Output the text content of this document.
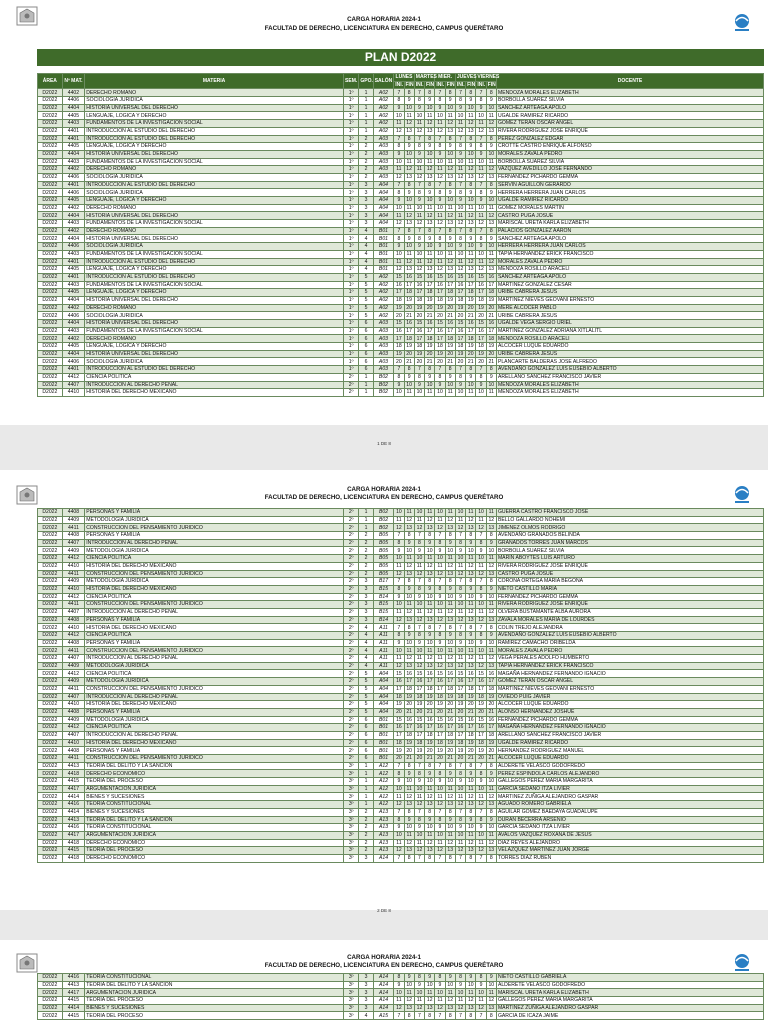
CARGA HORARIA 2024-1
FACULTAD DE DERECHO, LICENCIATURA EN DERECHO, CAMPUS QUERÉTARO
PLAN D2022
ÁREA	Nº MAT.	MATERIA	SEM.	GPO.	SALÓN	LUNES		MARTES		MIER.		JUEVES		VIERNES		DOCENTE
						INI.	FIN	INI.	FIN	INI.	FIN	INI.	FIN	INI.	FIN	
D2022	4402	DERECHO ROMANO	1º	1	A02	7	8	7	8	7	8	7	8	7	8	MENDOZA MORALES ELIZABETH
D2022	4406	SOCIOLOGIA JURIDICA	1º	1	A02	8	9	8	9	8	9	8	9	8	9	BORBOLLA SUAREZ SILVIA
D2022	4404	HISTORIA UNIVERSAL DEL DERECHO	1º	1	A02	9	10	9	10	9	10	9	10	9	10	SANCHEZ ARTEAGA APOLO
D2022	4405	LENGUAJE, LOGICA Y DERECHO	1º	1	A02	10	11	10	11	10	11	10	11	10	11	UGALDE RAMIREZ RICARDO
D2022	4403	FUNDAMENTOS DE LA INVESTIGACION SOCIAL	1º	1	A02	11	12	11	12	11	12	11	12	11	12	GOMEZ TERAN OSCAR ANGEL
D2022	4401	INTRODUCCION AL ESTUDIO DEL DERECHO	1º	1	A02	12	13	12	13	12	13	12	13	12	13	RIVERA RODRIGUEZ JOSE ENRIQUE
D2022	4401	INTRODUCCION AL ESTUDIO DEL DERECHO	1º	2	A03	7	8	7	8	7	8	7	8	7	8	PEREZ GONZALEZ EDGAR
D2022	4405	LENGUAJE, LOGICA Y DERECHO	1º	2	A03	8	9	8	9	8	9	8	9	8	9	CROTTE CASTRO ENRIQUE ALFONSO
D2022	4404	HISTORIA UNIVERSAL DEL DERECHO	1º	2	A03	9	10	9	10	9	10	9	10	9	10	MORALES ZAVALA PEDRO
D2022	4403	FUNDAMENTOS DE LA INVESTIGACION SOCIAL	1º	2	A03	10	11	10	11	10	11	10	11	10	11	BORBOLLA SUAREZ SILVIA
D2022	4402	DERECHO ROMANO	1º	2	A03	11	12	11	12	11	12	11	12	11	12	VAZQUEZ AVEDILLO JOSE FERNANDO
D2022	4406	SOCIOLOGIA JURIDICA	1º	2	A03	12	13	12	13	12	13	12	13	12	13	FERNANDEZ PICHARDO GEMMA
D2022	4401	INTRODUCCION AL ESTUDIO DEL DERECHO	1º	3	A04	7	8	7	8	7	8	7	8	7	8	SERVIN AGUILLON GERARDO
D2022	4406	SOCIOLOGIA JURIDICA	1º	3	A04	8	9	8	9	8	9	8	9	8	9	HERRERA HERRERA JUAN CARLOS
D2022	4405	LENGUAJE, LOGICA Y DERECHO	1º	3	A04	9	10	9	10	9	10	9	10	9	10	UGALDE RAMIREZ RICARDO
D2022	4402	DERECHO ROMANO	1º	3	A04	10	11	10	11	10	11	10	11	10	11	GOMEZ MORALES MARTIN
D2022	4404	HISTORIA UNIVERSAL DEL DERECHO	1º	3	A04	11	12	11	12	11	12	11	12	11	12	CASTRO PUGA JOSUE
D2022	4403	FUNDAMENTOS DE LA INVESTIGACION SOCIAL	1º	3	A04	12	13	12	13	12	13	12	13	12	13	MARISCAL URETA KARLA ELIZABETH
D2022	4402	DERECHO ROMANO	1º	4	B01	7	8	7	8	7	8	7	8	7	8	PALACIOS GONZALEZ AARON
D2022	4404	HISTORIA UNIVERSAL DEL DERECHO	1º	4	B01	8	9	8	9	8	9	8	9	8	9	SANCHEZ ARTEAGA APOLO
D2022	4406	SOCIOLOGIA JURIDICA	1º	4	B01	9	10	9	10	9	10	9	10	9	10	HERRERA HERRERA JUAN CARLOS
D2022	4403	FUNDAMENTOS DE LA INVESTIGACION SOCIAL	1º	4	B01	10	11	10	11	10	11	10	11	10	11	TAPIA HERNANDEZ ERICK FRANCISCO
D2022	4401	INTRODUCCION AL ESTUDIO DEL DERECHO	1º	4	B01	11	12	11	12	11	12	11	12	11	12	MORALES ZAVALA PEDRO
D2022	4405	LENGUAJE, LOGICA Y DERECHO	1º	4	B01	12	13	12	13	12	13	12	13	12	13	MENDOZA ROSILLO ARACELI
D2022	4401	INTRODUCCION AL ESTUDIO DEL DERECHO	1º	5	A02	15	16	15	16	15	16	15	16	15	16	SANCHEZ ARTEAGA APOLO
D2022	4403	FUNDAMENTOS DE LA INVESTIGACION SOCIAL	1º	5	A02	16	17	16	17	16	17	16	17	16	17	MARTINEZ GONZALEZ CESAR
D2022	4405	LENGUAJE, LOGICA Y DERECHO	1º	5	A02	17	18	17	18	17	18	17	18	17	18	URIBE CABRERA JESUS
D2022	4404	HISTORIA UNIVERSAL DEL DERECHO	1º	5	A02	18	19	18	19	18	19	18	19	18	19	MARTINEZ NIEVES GEOVANI ERNESTO
D2022	4402	DERECHO ROMANO	1º	5	A02	19	20	19	20	19	20	19	20	19	20	MERE ALCOCER PABLO
D2022	4406	SOCIOLOGIA JURIDICA	1º	5	A02	20	21	20	21	20	21	20	21	20	21	URIBE CABRERA JESUS
D2022	4404	HISTORIA UNIVERSAL DEL DERECHO	1º	6	A03	15	16	15	16	15	16	15	16	15	16	UGALDE VEGA SERGIO URIEL
D2022	4403	FUNDAMENTOS DE LA INVESTIGACION SOCIAL	1º	6	A03	16	17	16	17	16	17	16	17	16	17	MARTINEZ GONZALEZ ADRIANA XITLALITL
D2022	4402	DERECHO ROMANO	1º	6	A03	17	18	17	18	17	18	17	18	17	18	MENDOZA ROSILLO ARACELI
D2022	4405	LENGUAJE, LOGICA Y DERECHO	1º	6	A03	18	19	18	19	18	19	18	19	18	19	ALCOCER LUQUE EDUARDO
D2022	4404	HISTORIA UNIVERSAL DEL DERECHO	1º	6	A03	19	20	19	20	19	20	19	20	19	20	URIBE CABRERA JESUS
D2022	4406	SOCIOLOGIA JURIDICA	1º	6	A03	20	21	20	21	20	21	20	21	20	21	PLANCARTE BALDERAS JOSE ALFREDO
D2022	4401	INTRODUCCION AL ESTUDIO DEL DERECHO	1º	6	A03	7	8	7	8	7	8	7	8	7	8	AVENDAÑO GONZALEZ LUIS EUSEBIO ALBERTO
D2022	4412	CIENCIA POLITICA	2º	1	B02	8	9	8	9	8	9	8	9	8	9	ARELLANO SANCHEZ FRANCISCO JAVIER
D2022	4407	INTRODUCCION AL DERECHO PENAL	2º	1	B02	9	10	9	10	9	10	9	10	9	10	MENDOZA MORALES ELIZABETH
D2022	4410	HISTORIA DEL DERECHO MEXICANO	2º	1	B02	10	11	10	11	10	11	10	11	10	11	MENDOZA MORALES ELIZABETH
1 DE 8
CARGA HORARIA 2024-1
FACULTAD DE DERECHO, LICENCIATURA EN DERECHO, CAMPUS QUERÉTARO
D2022	4408	PERSONAS Y FAMILIA	2º	1	B02	10	11	10	11	10	11	10	11	10	11	GUERRA CASTRO FRANCISCO JOSE
D2022	4409	METODOLOGIA JURIDICA	2º	1	B02	11	12	11	12	11	12	11	12	11	12	BELLO GALLARDO NOHEMI
D2022	4411	CONSTRUCCION DEL PENSAMIENTO JURIDICO	2º	1	B02	12	13	12	13	12	13	12	13	12	13	JIMENEZ OLMOS RODRIGO
D2022	4408	PERSONAS Y FAMILIA	2º	2	B05	7	8	7	8	7	8	7	8	7	8	AVENDAÑO GRANADOS BELINDA
D2022	4407	INTRODUCCION AL DERECHO PENAL	2º	2	B05	8	9	8	9	8	9	8	9	8	9	GRANADOS TORRES JUAN MARCOS
D2022	4409	METODOLOGIA JURIDICA	2º	2	B05	9	10	9	10	9	10	9	10	9	10	BORBOLLA SUAREZ SILVIA
D2022	4412	CIENCIA POLITICA	2º	2	B05	10	11	10	11	10	11	10	11	10	11	MARIN ABOYTES LUIS ARTURO
D2022	4410	HISTORIA DEL DERECHO MEXICANO	2º	2	B05	11	12	11	12	11	12	11	12	11	12	RIVERA RODRIGUEZ JOSE ENRIQUE
D2022	4411	CONSTRUCCION DEL PENSAMIENTO JURIDICO	2º	2	B05	12	13	12	13	12	13	12	13	12	13	CASTRO PUGA JOSUE
D2022	4409	METODOLOGIA JURIDICA	2º	3	B17	7	8	7	8	7	8	7	8	7	8	CORONA ORTEGA MARIA BEGONA
D2022	4410	HISTORIA DEL DERECHO MEXICANO	2º	3	B15	8	9	8	9	8	9	8	9	8	9	NIETO CASTILLO MARIA
D2022	4412	CIENCIA POLITICA	2º	3	B14	9	10	9	10	9	10	9	10	9	10	FERNANDEZ PICHARDO GEMMA
D2022	4411	CONSTRUCCION DEL PENSAMIENTO JURIDICO	2º	3	B15	10	11	10	11	10	11	10	11	10	11	RIVERA RODRIGUEZ JOSE ENRIQUE
D2022	4407	INTRODUCCION AL DERECHO PENAL	2º	3	B15	11	12	11	12	11	12	11	12	11	12	OLVERA BUSTAMANTE ALBA AURORA
D2022	4408	PERSONAS Y FAMILIA	2º	3	B14	12	13	12	13	12	13	12	13	12	13	ZAVALA MORALES MARIA DE LOURDES
D2022	4410	HISTORIA DEL DERECHO MEXICANO	2º	4	A11	7	8	7	8	7	8	7	8	7	8	COLIN TREJO ALEJANDRA
D2022	4412	CIENCIA POLITICA	2º	4	A11	8	9	8	9	8	9	8	9	8	9	AVENDAÑO GONZALEZ LUIS EUSEBIO ALBERTO
D2022	4408	PERSONAS Y FAMILIA	2º	4	A11	9	10	9	10	9	10	9	10	9	10	RAMIREZ CAMACHO ORIBELDA
D2022	4411	CONSTRUCCION DEL PENSAMIENTO JURIDICO	2º	4	A11	10	11	10	11	10	11	10	11	10	11	MORALES ZAVALA PEDRO
D2022	4407	INTRODUCCION AL DERECHO PENAL	2º	4	A11	11	12	11	12	11	12	11	12	11	12	VEGA PERALES ADOLFO HUMBERTO
D2022	4409	METODOLOGIA JURIDICA	2º	4	A11	12	13	12	13	12	13	12	13	12	13	TAPIA HERNANDEZ ERICK FRANCISCO
D2022	4412	CIENCIA POLITICA	2º	5	A04	15	16	15	16	15	16	15	16	15	16	MAGAÑA HERNANDEZ FERNANDO IGNACIO
D2022	4409	METODOLOGIA JURIDICA	2º	5	A04	16	17	16	17	16	17	16	17	16	17	GOMEZ TERAN OSCAR ANGEL
D2022	4411	CONSTRUCCION DEL PENSAMIENTO JURIDICO	2º	5	A04	17	18	17	18	17	18	17	18	17	18	MARTINEZ NIEVES GEOVANI ERNESTO
D2022	4407	INTRODUCCION AL DERECHO PENAL	2º	5	A04	18	19	18	19	18	19	18	19	18	19	OVIEDO PUIG JAVIER
D2022	4410	HISTORIA DEL DERECHO MEXICANO	2º	5	A04	19	20	19	20	19	20	19	20	19	20	ALCOCER LUQUE EDUARDO
D2022	4408	PERSONAS Y FAMILIA	2º	5	A04	20	21	20	21	20	21	20	21	20	21	ALONSO HERNANDEZ JOSHUE
D2022	4409	METODOLOGIA JURIDICA	2º	6	B01	15	16	15	16	15	16	15	16	15	16	FERNANDEZ PICHARDO GEMMA
D2022	4412	CIENCIA POLITICA	2º	6	B01	16	17	16	17	16	17	16	17	16	17	MAGAÑA HERNANDEZ FERNANDO IGNACIO
D2022	4407	INTRODUCCION AL DERECHO PENAL	2º	6	B01	17	18	17	18	17	18	17	18	17	18	ARELLANO SANCHEZ FRANCISCO JAVIER
D2022	4410	HISTORIA DEL DERECHO MEXICANO	2º	6	B01	18	19	18	19	18	19	18	19	18	19	UGALDE RAMIREZ RICARDO
D2022	4408	PERSONAS Y FAMILIA	2º	6	B01	19	20	19	20	19	20	19	20	19	20	HERNANDEZ RODRIGUEZ MANUEL
D2022	4411	CONSTRUCCION DEL PENSAMIENTO JURIDICO	2º	6	B01	20	21	20	21	20	21	20	21	20	21	ALCOCER LUQUE EDUARDO
D2022	4413	TEORIA DEL DELITO Y LA SANCION	3º	1	A12	7	8	7	8	7	8	7	8	7	8	ALDERETE VELASCO GODOFREDO
D2022	4418	DERECHO ECONOMICO	3º	1	A12	8	9	8	9	8	9	8	9	8	9	PEREZ ESPINDOLA CARLOS ALEJANDRO
D2022	4415	TEORIA DEL PROCESO	3º	1	A12	9	10	9	10	9	10	9	10	9	10	GALLEGOS PEREZ MARIA MARGARITA
D2022	4417	ARGUMENTACION JURIDICA	3º	1	A12	10	11	10	11	10	11	10	11	10	11	GARCIA SEDANO ITZA LIVIER
D2022	4414	BIENES Y SUCESIONES	3º	1	A12	11	12	11	12	11	12	11	12	11	12	MARTINEZ ZUÑIGA ALEJANDRO GASPAR
D2022	4416	TEORIA CONSTITUCIONAL	3º	1	A12	12	13	12	13	12	13	12	13	12	13	AGUADO ROMERO GABRIELA
D2022	4414	BIENES Y SUCESIONES	3º	2	A13	7	8	7	8	7	8	7	8	7	8	AGUILAR GOMEZ BAEDAYA GUADALUPE
D2022	4413	TEORIA DEL DELITO Y LA SANCION	3º	2	A13	8	9	8	9	8	9	8	9	8	9	DURAN BECERRA ARSENIO
D2022	4416	TEORIA CONSTITUCIONAL	3º	2	A13	9	10	9	10	9	10	9	10	9	10	GARCIA SEDANO ITZA LIVIER
D2022	4417	ARGUMENTACION JURIDICA	3º	2	A13	10	11	10	11	10	11	10	11	10	11	AVALOS VAZQUEZ ROXANA DE JESUS
D2022	4418	DERECHO ECONOMICO	3º	2	A13	11	12	11	12	11	12	11	12	11	12	DIAZ REYES ALEJANDRO
D2022	4415	TEORIA DEL PROCESO	3º	2	A13	12	13	12	13	12	13	12	13	12	13	VELAZQUEZ MARTINEZ JUAN JORGE
D2022	4418	DERECHO ECONOMICO	3º	3	A14	7	8	7	8	7	8	7	8	7	8	TORRES DIAZ RUBEN
2 DE 8
CARGA HORARIA 2024-1
FACULTAD DE DERECHO, LICENCIATURA EN DERECHO, CAMPUS QUERÉTARO
D2022	4416	TEORIA CONSTITUCIONAL	3º	3	A14	8	9	8	9	8	9	8	9	8	9	NIETO CASTILLO GABRIELA
D2022	4413	TEORIA DEL DELITO Y LA SANCION	3º	3	A14	9	10	9	10	9	10	9	10	9	10	ALDERETE VELASCO GODOFREDO
D2022	4417	ARGUMENTACION JURIDICA	3º	3	A14	10	11	10	11	10	11	10	11	10	11	MARISCAL URETA KARLA ELIZABETH
D2022	4415	TEORIA DEL PROCESO	3º	3	A14	11	12	11	12	11	12	11	12	11	12	GALLEGOS PEREZ MARIA MARGARITA
D2022	4414	BIENES Y SUCESIONES	3º	3	A14	12	13	12	13	12	13	12	13	12	13	MARTINEZ ZUÑIGA ALEJANDRO GASPAR
D2022	4415	TEORIA DEL PROCESO	3º	4	A15	7	8	7	8	7	8	7	8	7	8	GARCIA DE ICAZA JAIME
